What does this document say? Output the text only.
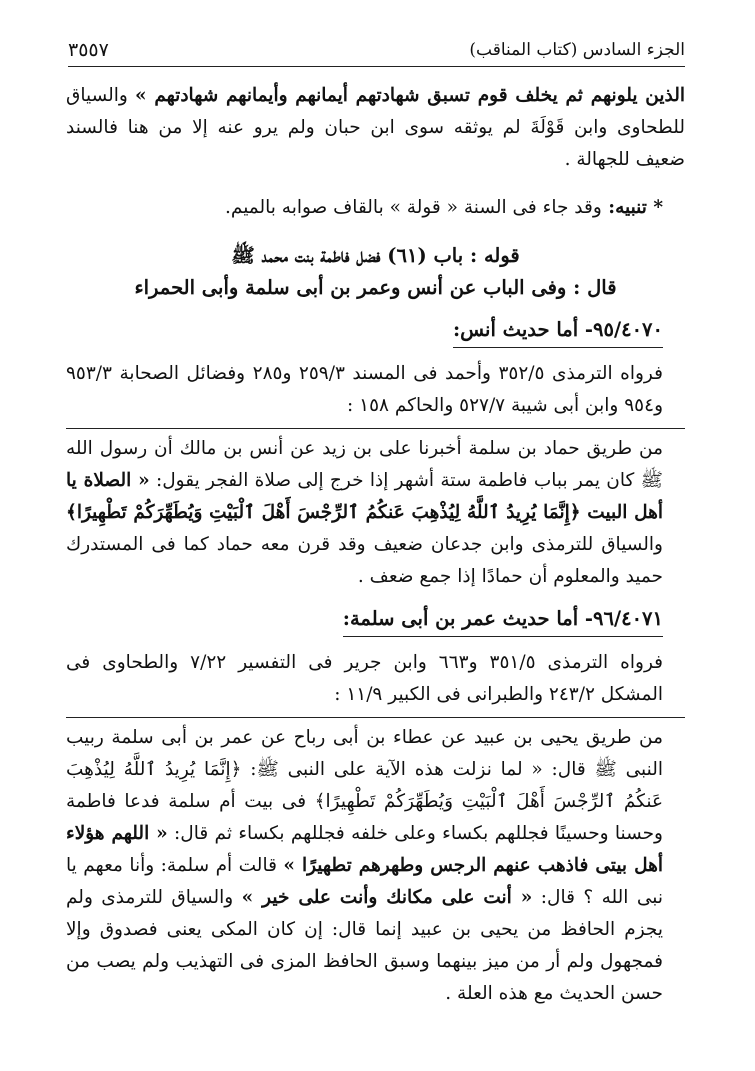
الجزء السادس (كتاب المناقب)
٣٥٥٧

الذين يلونهم ثم يخلف قوم تسبق شهادتهم أيمانهم وأيمانهم شهادتهم » والسياق للطحاوى وابن قَوْلَةَ لم يوثقه سوى ابن حبان ولم يرو عنه إلا من هنا فالسند ضعيف للجهالة .

* تنبيه: وقد جاء فى السنة « قولة » بالقاف صوابه بالميم.

قوله : باب (٦١) فضل فاطمة بنت محمد ﷺ

قال : وفى الباب عن أنس وعمر بن أبى سلمة وأبى الحمراء

٩٥/٤٠٧٠- أما حديث أنس:

فرواه الترمذى ٣٥٢/٥ وأحمد فى المسند ٢٥٩/٣ و٢٨٥ وفضائل الصحابة ٩٥٣/٣ و٩٥٤ وابن أبى شيبة ٥٢٧/٧ والحاكم ١٥٨ :

من طريق حماد بن سلمة أخبرنا على بن زيد عن أنس بن مالك أن رسول الله ﷺ كان يمر بباب فاطمة ستة أشهر إذا خرج إلى صلاة الفجر يقول: « الصلاة يا أهل البيت ﴿إِنَّمَا يُرِيدُ ٱللَّهُ لِيُذْهِبَ عَنكُمُ ٱلرِّجْسَ أَهْلَ ٱلْبَيْتِ وَيُطَهِّرَكُمْ تَطْهِيرًا﴾ والسياق للترمذى وابن جدعان ضعيف وقد قرن معه حماد كما فى المستدرك حميد والمعلوم أن حمادًا إذا جمع ضعف .

٩٦/٤٠٧١- أما حديث عمر بن أبى سلمة:

فرواه الترمذى ٣٥١/٥ و٦٦٣ وابن جرير فى التفسير ٧/٢٢ والطحاوى فى المشكل ٢٤٣/٢ والطبرانى فى الكبير ١١/٩ :

من طريق يحيى بن عبيد عن عطاء بن أبى رباح عن عمر بن أبى سلمة ربيب النبى ﷺ قال: « لما نزلت هذه الآية على النبى ﷺ: ﴿إِنَّمَا يُرِيدُ ٱللَّهُ لِيُذْهِبَ عَنكُمُ ٱلرِّجْسَ أَهْلَ ٱلْبَيْتِ وَيُطَهِّرَكُمْ تَطْهِيرًا﴾ فى بيت أم سلمة فدعا فاطمة وحسنا وحسينًا فجللهم بكساء وعلى خلفه فجللهم بكساء ثم قال: « اللهم هؤلاء أهل بيتى فاذهب عنهم الرجس وطهرهم تطهيرًا » قالت أم سلمة: وأنا معهم يا نبى الله ؟ قال: « أنت على مكانك وأنت على خير » والسياق للترمذى ولم يجزم الحافظ من يحيى بن عبيد إنما قال: إن كان المكى يعنى فصدوق وإلا فمجهول ولم أر من ميز بينهما وسبق الحافظ المزى فى التهذيب ولم يصب من حسن الحديث مع هذه العلة .
